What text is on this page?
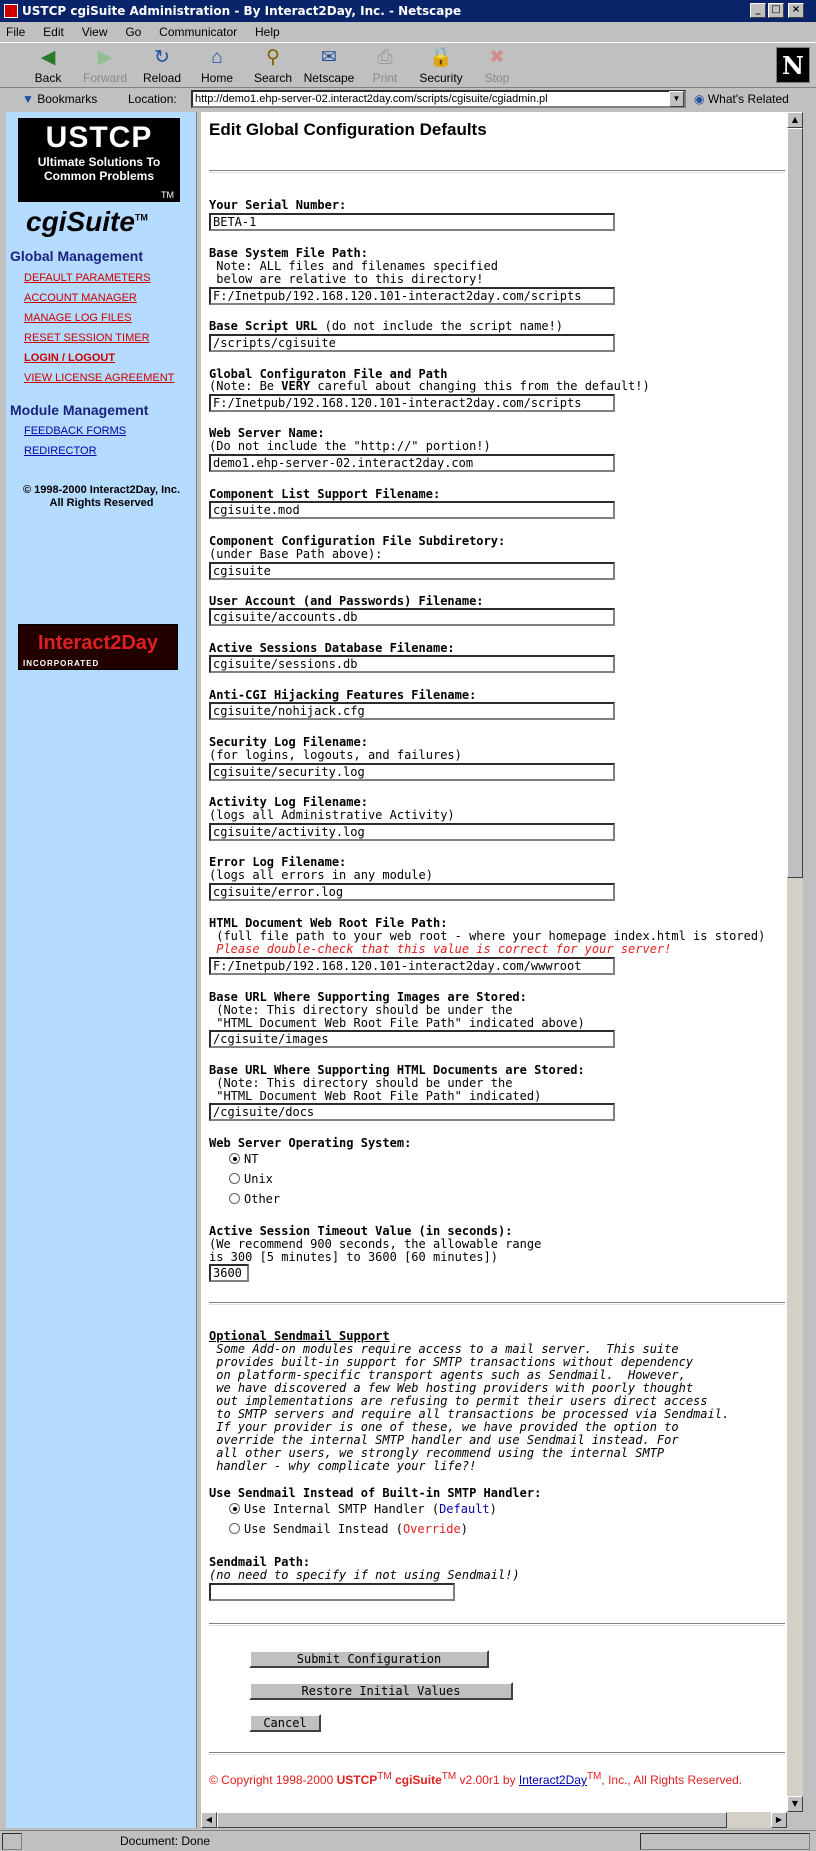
USTCP cgiSuite Administration - By Interact2Day, Inc. - Netscape	_	□	×
File Edit View Go Communicator Help
◀
Back
▶
Forward
↻
Reload
⌂
Home
⚲
Search
✉
Netscape
⎙
Print
🔒
Security
✖
Stop	N
▼ Bookmarks	Location:	http://demo1.ehp-server-02.interact2day.com/scripts/cgisuite/cgiadmin.pl	▼ ◉ What's Related
USTCP
Ultimate Solutions To
Common Problems
TM
cgiSuite™
Global Management
DEFAULT PARAMETERS
ACCOUNT MANAGER
MANAGE LOG FILES
RESET SESSION TIMER
LOGIN / LOGOUT
VIEW LICENSE AGREEMENT
Module Management
FEEDBACK FORMS
REDIRECTOR
© 1998-2000 Interact2Day, Inc.
All Rights Reserved
Interact2Day
INCORPORATED
Edit Global Configuration Defaults
Your Serial Number:
BETA-1
Base System File Path:
Note: ALL files and filenames specified
below are relative to this directory!
F:/Inetpub/192.168.120.101-interact2day.com/scripts
Base Script URL (do not include the script name!)
/scripts/cgisuite
Global Configuraton File and Path
(Note: Be VERY careful about changing this from the default!)
F:/Inetpub/192.168.120.101-interact2day.com/scripts
Web Server Name:
(Do not include the "http://" portion!)
demo1.ehp-server-02.interact2day.com
Component List Support Filename:
cgisuite.mod
Component Configuration File Subdiretory:
(under Base Path above):
cgisuite
User Account (and Passwords) Filename:
cgisuite/accounts.db
Active Sessions Database Filename:
cgisuite/sessions.db
Anti-CGI Hijacking Features Filename:
cgisuite/nohijack.cfg
Security Log Filename:
(for logins, logouts, and failures)
cgisuite/security.log
Activity Log Filename:
(logs all Administrative Activity)
cgisuite/activity.log
Error Log Filename:
(logs all errors in any module)
cgisuite/error.log
HTML Document Web Root File Path:
(full file path to your web root - where your homepage index.html is stored)
Please double-check that this value is correct for your server!
F:/Inetpub/192.168.120.101-interact2day.com/wwwroot
Base URL Where Supporting Images are Stored:
(Note: This directory should be under the
"HTML Document Web Root File Path" indicated above)
/cgisuite/images
Base URL Where Supporting HTML Documents are Stored:
(Note: This directory should be under the
"HTML Document Web Root File Path" indicated)
/cgisuite/docs
Web Server Operating System:
NT
Unix
Other
Active Session Timeout Value (in seconds):
(We recommend 900 seconds, the allowable range
is 300 [5 minutes] to 3600 [60 minutes])
3600
Optional Sendmail Support
Some Add-on modules require access to a mail server.  This suite
provides built-in support for SMTP transactions without dependency
on platform-specific transport agents such as Sendmail.  However,
we have discovered a few Web hosting providers with poorly thought
out implementations are refusing to permit their users direct access
to SMTP servers and require all transactions be processed via Sendmail.
If your provider is one of these, we have provided the option to
override the internal SMTP handler and use Sendmail instead. For
all other users, we strongly recommend using the internal SMTP
handler - why complicate your life?!
Use Sendmail Instead of Built-in SMTP Handler:
Use Internal SMTP Handler (Default)
Use Sendmail Instead (Override)
Sendmail Path:
(no need to specify if not using Sendmail!)
Submit Configuration
Restore Initial Values
Cancel
© Copyright 1998-2000 USTCP™ cgiSuite™ v2.00r1 by Interact2Day™, Inc., All Rights Reserved.
▲
▼
◀	▶
Document: Done
